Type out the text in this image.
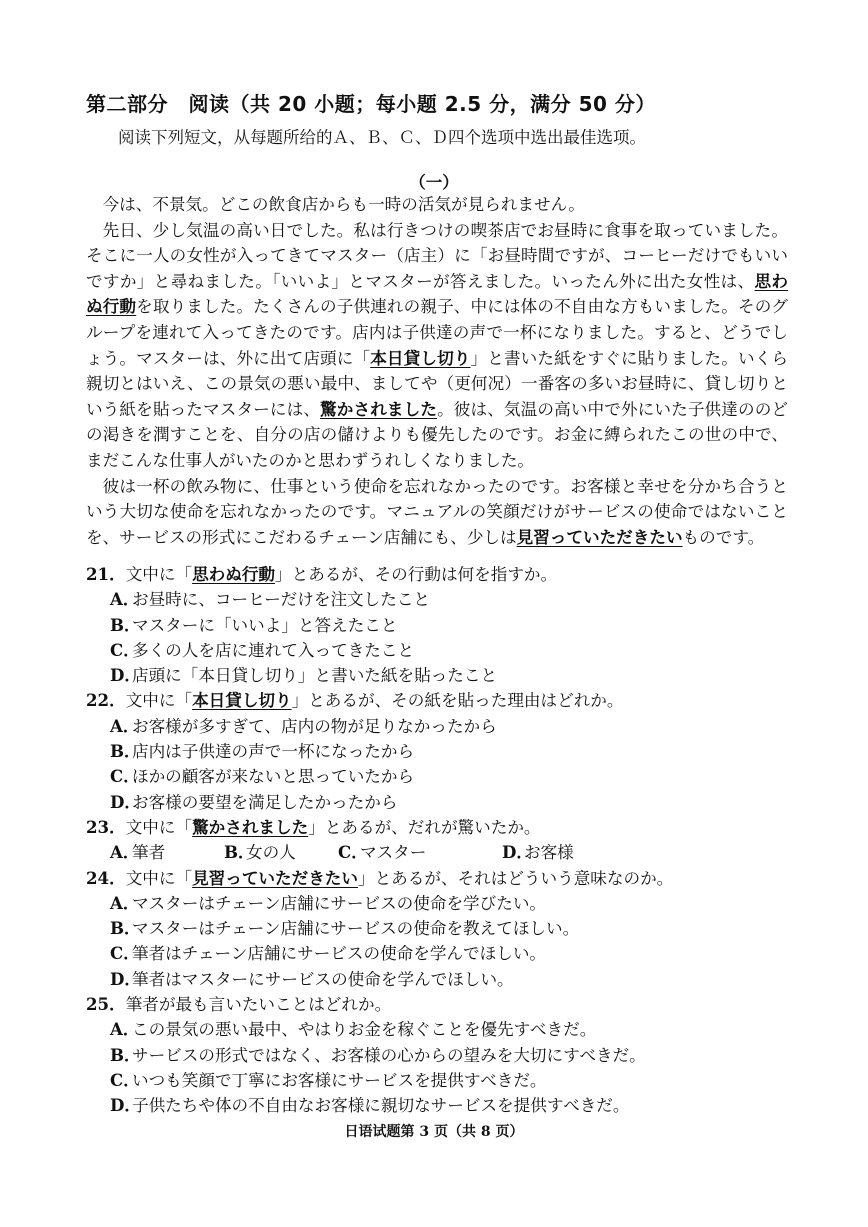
第二部分　阅读（共 20 小题；每小题 2.5 分，满分 50 分）
阅读下列短文，从每题所给的Ａ、Ｂ、Ｃ、Ｄ四个选项中选出最佳选项。
（一）

今は、不景気。どこの飲食店からも一時の活気が見られません。

先日、少し気温の高い日でした。私は行きつけの喫茶店でお昼時に食事を取っていました。そこに一人の女性が入ってきてマスター（店主）に「お昼時間ですが、コーヒーだけでもいいですか」と尋ねました。「いいよ」とマスターが答えました。いったん外に出た女性は、思わぬ行動を取りました。たくさんの子供連れの親子、中には体の不自由な方もいました。そのグループを連れて入ってきたのです。店内は子供達の声で一杯になりました。すると、どうでしょう。マスターは、外に出て店頭に「本日貸し切り」と書いた紙をすぐに貼りました。いくら親切とはいえ、この景気の悪い最中、ましてや（更何况）一番客の多いお昼時に、貸し切りという紙を貼ったマスターには、驚かされました。彼は、気温の高い中で外にいた子供達ののどの渇きを潤すことを、自分の店の儲けよりも優先したのです。お金に縛られたこの世の中で、まだこんな仕事人がいたのかと思わずうれしくなりました。

彼は一杯の飲み物に、仕事という使命を忘れなかったのです。お客様と幸せを分かち合うという大切な使命を忘れなかったのです。マニュアルの笑顔だけがサービスの使命ではないことを、サービスの形式にこだわるチェーン店舗にも、少しは見習っていただきたいものです。

21．文中に「思わぬ行動」とあるが、その行動は何を指すか。
A．お昼時に、コーヒーだけを注文したこと
B．マスターに「いいよ」と答えたこと
C．多くの人を店に連れて入ってきたこと
D．店頭に「本日貸し切り」と書いた紙を貼ったこと
22．文中に「本日貸し切り」とあるが、その紙を貼った理由はどれか。
A．お客様が多すぎて、店内の物が足りなかったから
B．店内は子供達の声で一杯になったから
C．ほかの顧客が来ないと思っていたから
D．お客様の要望を満足したかったから
23．文中に「驚かされました」とあるが、だれが驚いたか。
A．筆者	B．女の人	C．マスター	D．お客様
24．文中に「見習っていただきたい」とあるが、それはどういう意味なのか。
A．マスターはチェーン店舗にサービスの使命を学びたい。
B．マスターはチェーン店舗にサービスの使命を教えてほしい。
C．筆者はチェーン店舗にサービスの使命を学んでほしい。
D．筆者はマスターにサービスの使命を学んでほしい。
25．筆者が最も言いたいことはどれか。
A．この景気の悪い最中、やはりお金を稼ぐことを優先すべきだ。
B．サービスの形式ではなく、お客様の心からの望みを大切にすべきだ。
C．いつも笑顔で丁寧にお客様にサービスを提供すべきだ。
D．子供たちや体の不自由なお客様に親切なサービスを提供すべきだ。
日语试题第 3 页（共 8 页）
